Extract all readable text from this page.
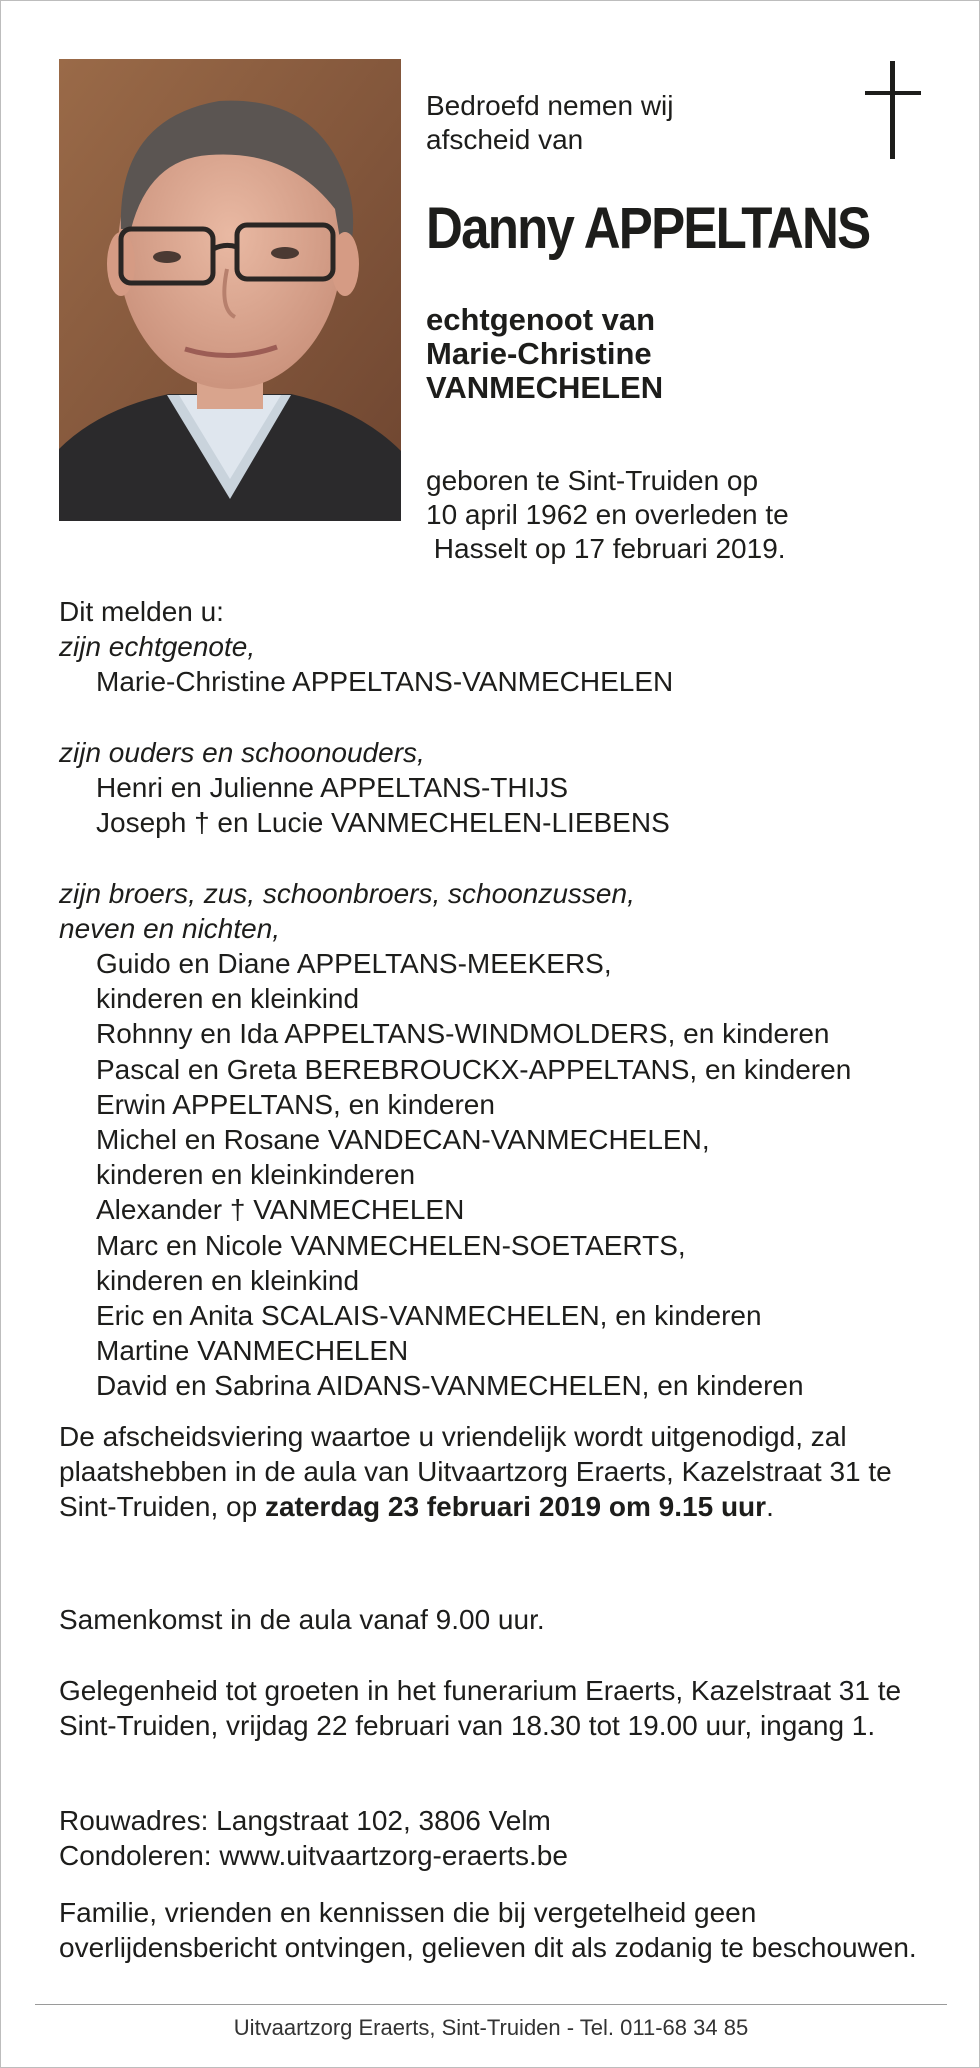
Bedroefd nemen wij
afscheid van
Danny APPELTANS
echtgenoot van
Marie-Christine
VANMECHELEN
geboren te Sint-Truiden op
10 april 1962 en overleden te
Hasselt op 17 februari 2019.
Dit melden u:
zijn echtgenote,
Marie-Christine APPELTANS-VANMECHELEN
zijn ouders en schoonouders,
Henri en Julienne APPELTANS-THIJS
Joseph † en Lucie VANMECHELEN-LIEBENS
zijn broers, zus, schoonbroers, schoonzussen,
neven en nichten,
Guido en Diane APPELTANS-MEEKERS,
kinderen en kleinkind
Rohnny en Ida APPELTANS-WINDMOLDERS, en kinderen
Pascal en Greta BEREBROUCKX-APPELTANS, en kinderen
Erwin APPELTANS, en kinderen
Michel en Rosane VANDECAN-VANMECHELEN,
kinderen en kleinkinderen
Alexander † VANMECHELEN
Marc en Nicole VANMECHELEN-SOETAERTS,
kinderen en kleinkind
Eric en Anita SCALAIS-VANMECHELEN, en kinderen
Martine VANMECHELEN
David en Sabrina AIDANS-VANMECHELEN, en kinderen
De afscheidsviering waartoe u vriendelijk wordt uitgenodigd, zal plaatshebben in de aula van Uitvaartzorg Eraerts, Kazelstraat 31 te Sint-Truiden, op zaterdag 23 februari 2019 om 9.15 uur.
Samenkomst in de aula vanaf 9.00 uur.
Gelegenheid tot groeten in het funerarium Eraerts, Kazelstraat 31 te Sint-Truiden, vrijdag 22 februari van 18.30 tot 19.00 uur, ingang 1.
Rouwadres: Langstraat 102, 3806 Velm
Condoleren: www.uitvaartzorg-eraerts.be
Familie, vrienden en kennissen die bij vergetelheid geen overlijdensbericht ontvingen, gelieven dit als zodanig te beschouwen.
Uitvaartzorg Eraerts, Sint-Truiden - Tel. 011-68 34 85
